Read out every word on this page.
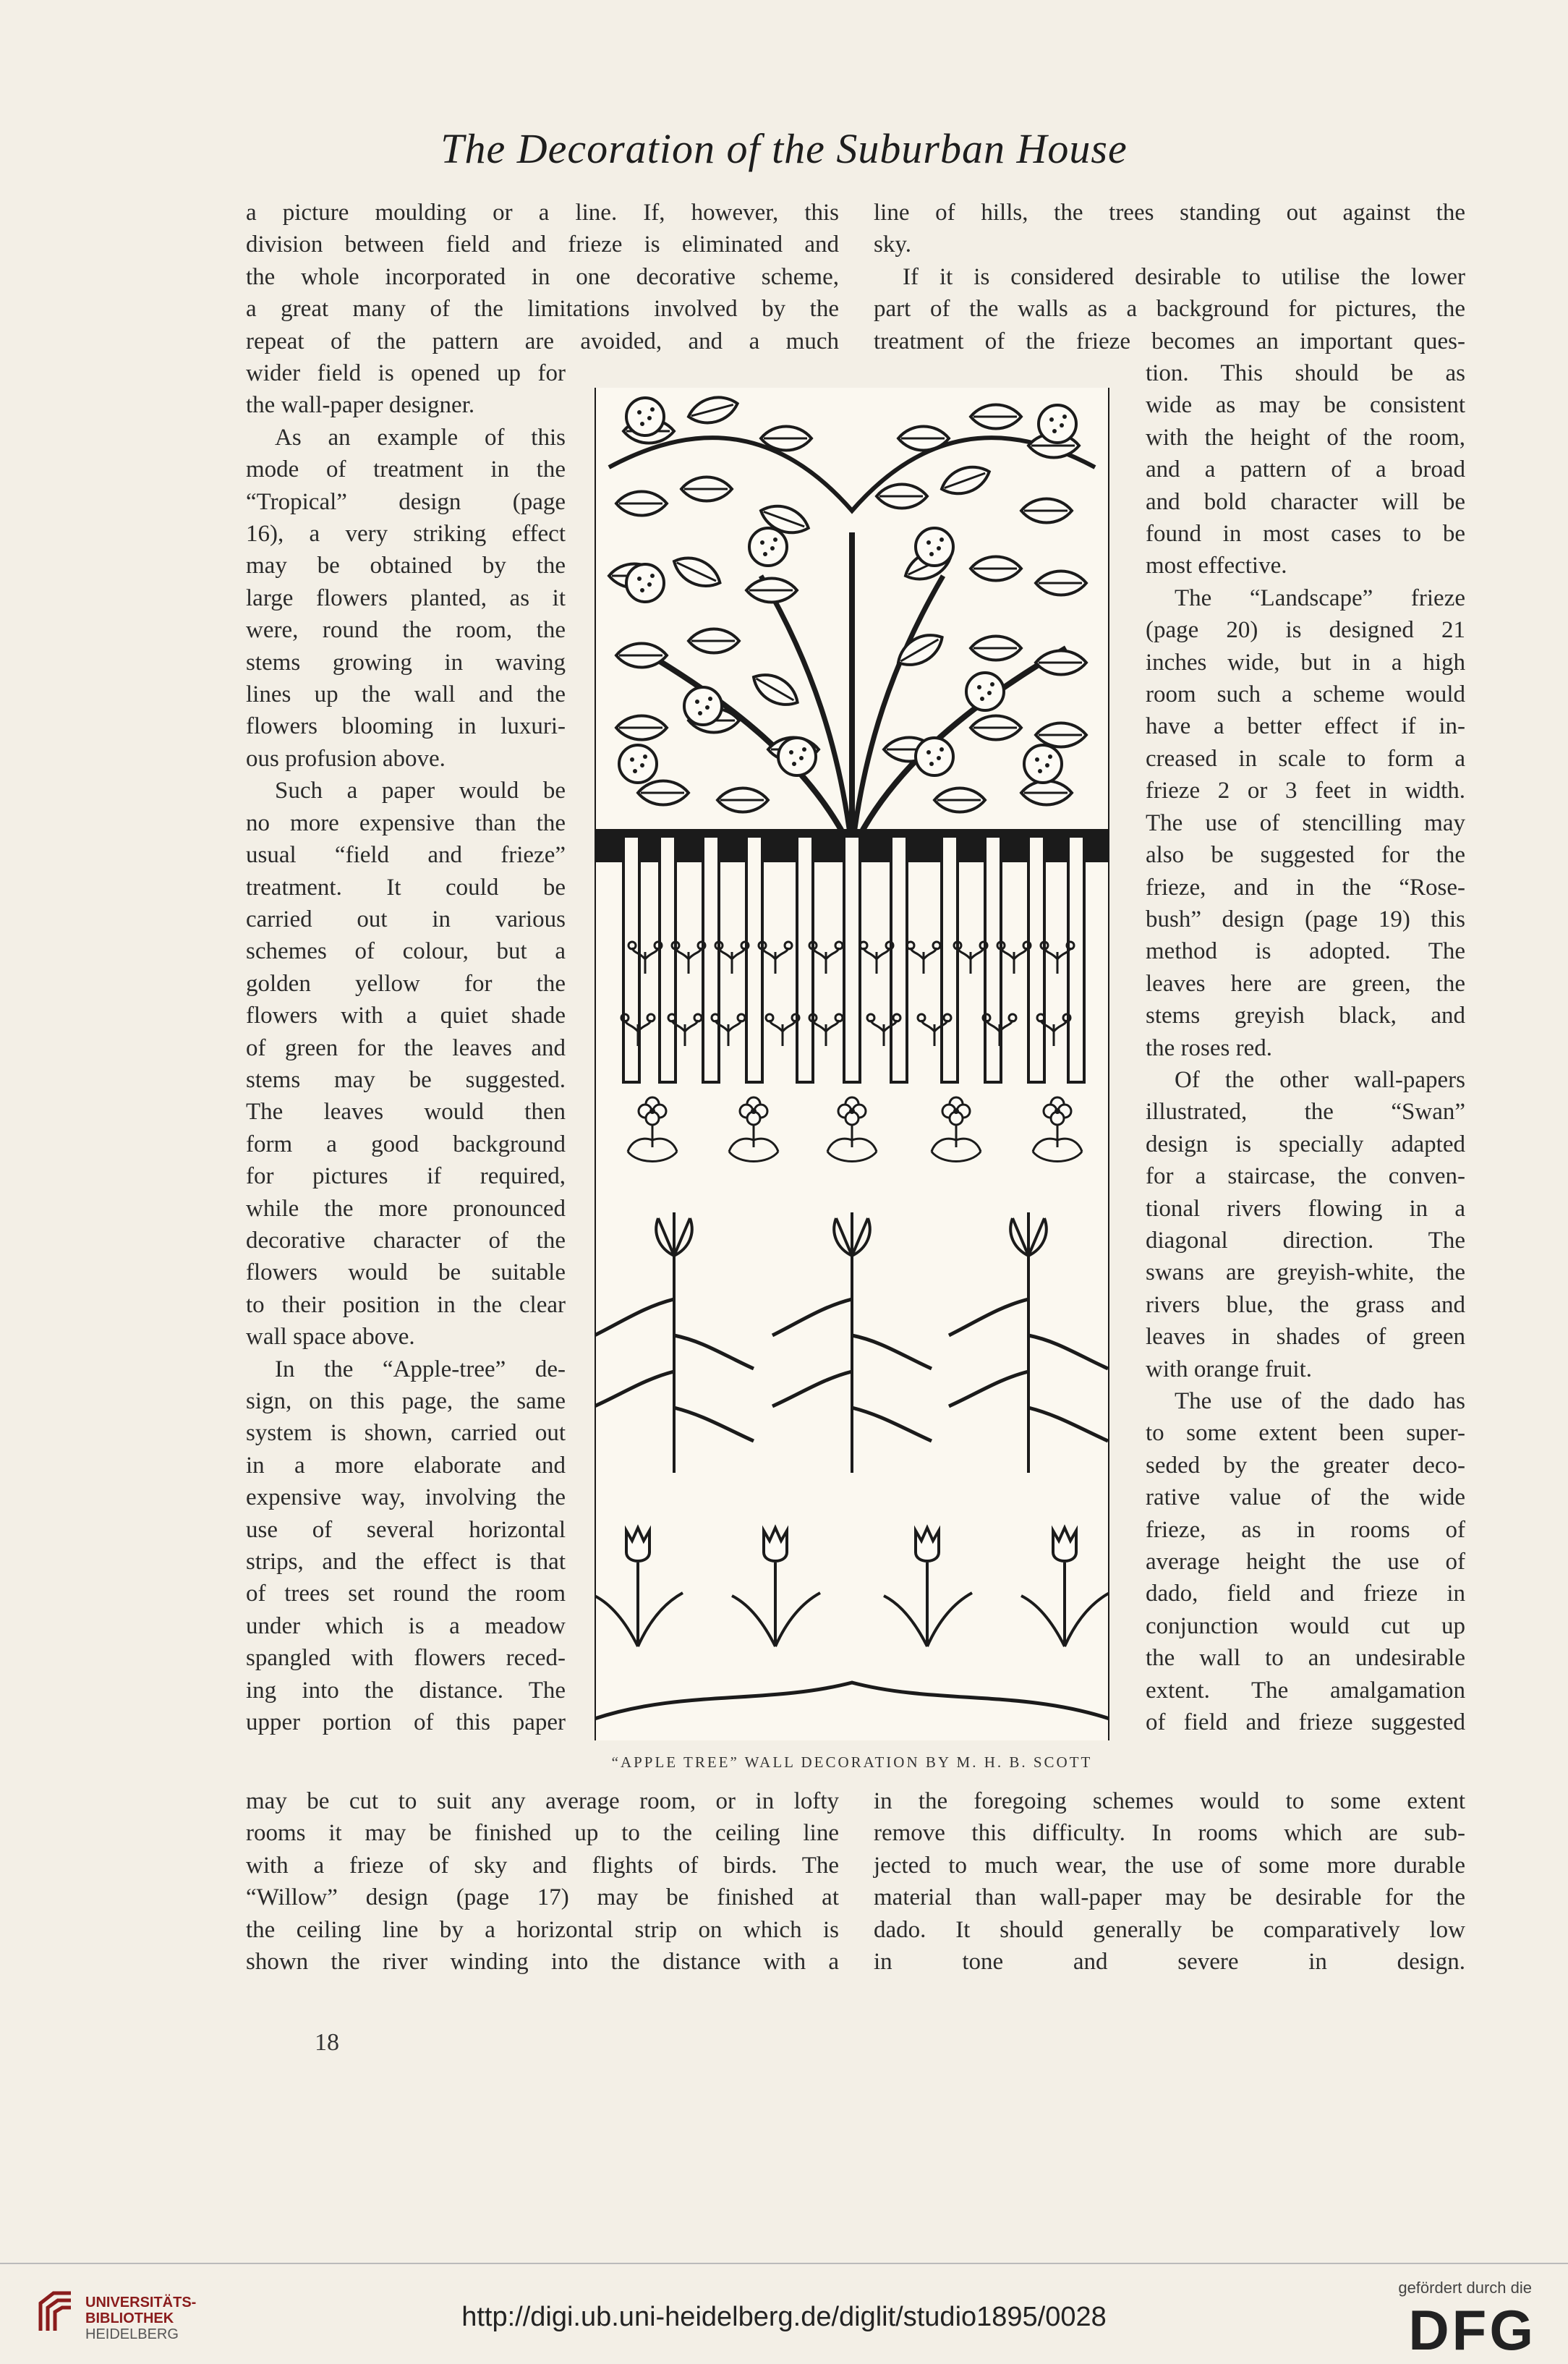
The Decoration of the Suburban House
a picture moulding or a line. If, however, this
division between field and frieze is eliminated and
the whole incorporated in one decorative scheme,
a great many of the limitations involved by the
repeat of the pattern are avoided, and a much
line of hills, the trees standing out against the
sky.
If it is considered desirable to utilise the lower
part of the walls as a background for pictures, the
treatment of the frieze becomes an important ques-
wider field is opened up for
the wall-paper designer.
As an example of this
mode of treatment in the
“Tropical” design (page
16), a very striking effect
may be obtained by the
large flowers planted, as it
were, round the room, the
stems growing in waving
lines up the wall and the
flowers blooming in luxuri-
ous profusion above.
Such a paper would be
no more expensive than the
usual “field and frieze”
treatment. It could be
carried out in various
schemes of colour, but a
golden yellow for the
flowers with a quiet shade
of green for the leaves and
stems may be suggested.
The leaves would then
form a good background
for pictures if required,
while the more pronounced
decorative character of the
flowers would be suitable
to their position in the clear
wall space above.
In the “Apple-tree” de-
sign, on this page, the same
system is shown, carried out
in a more elaborate and
expensive way, involving the
use of several horizontal
strips, and the effect is that
of trees set round the room
under which is a meadow
spangled with flowers reced-
ing into the distance. The
upper portion of this paper
tion. This should be as
wide as may be consistent
with the height of the room,
and a pattern of a broad
and bold character will be
found in most cases to be
most effective.
The “Landscape” frieze
(page 20) is designed 21
inches wide, but in a high
room such a scheme would
have a better effect if in-
creased in scale to form a
frieze 2 or 3 feet in width.
The use of stencilling may
also be suggested for the
frieze, and in the “Rose-
bush” design (page 19) this
method is adopted. The
leaves here are green, the
stems greyish black, and
the roses red.
Of the other wall-papers
illustrated, the “Swan”
design is specially adapted
for a staircase, the conven-
tional rivers flowing in a
diagonal direction. The
swans are greyish-white, the
rivers blue, the grass and
leaves in shades of green
with orange fruit.
The use of the dado has
to some extent been super-
seded by the greater deco-
rative value of the wide
frieze, as in rooms of
average height the use of
dado, field and frieze in
conjunction would cut up
the wall to an undesirable
extent. The amalgamation
of field and frieze suggested
may be cut to suit any average room, or in lofty
rooms it may be finished up to the ceiling line
with a frieze of sky and flights of birds. The
“Willow” design (page 17) may be finished at
the ceiling line by a horizontal strip on which is
shown the river winding into the distance with a
in the foregoing schemes would to some extent
remove this difficulty. In rooms which are sub-
jected to much wear, the use of some more durable
material than wall-paper may be desirable for the
dado. It should generally be comparatively low
in tone and severe in design.
“APPLE TREE” WALL DECORATION BY M. H. B. SCOTT
18
UNIVERSITÄTS-
BIBLIOTHEK
HEIDELBERG
http://digi.ub.uni-heidelberg.de/diglit/studio1895/0028
gefördert durch die
DFG
